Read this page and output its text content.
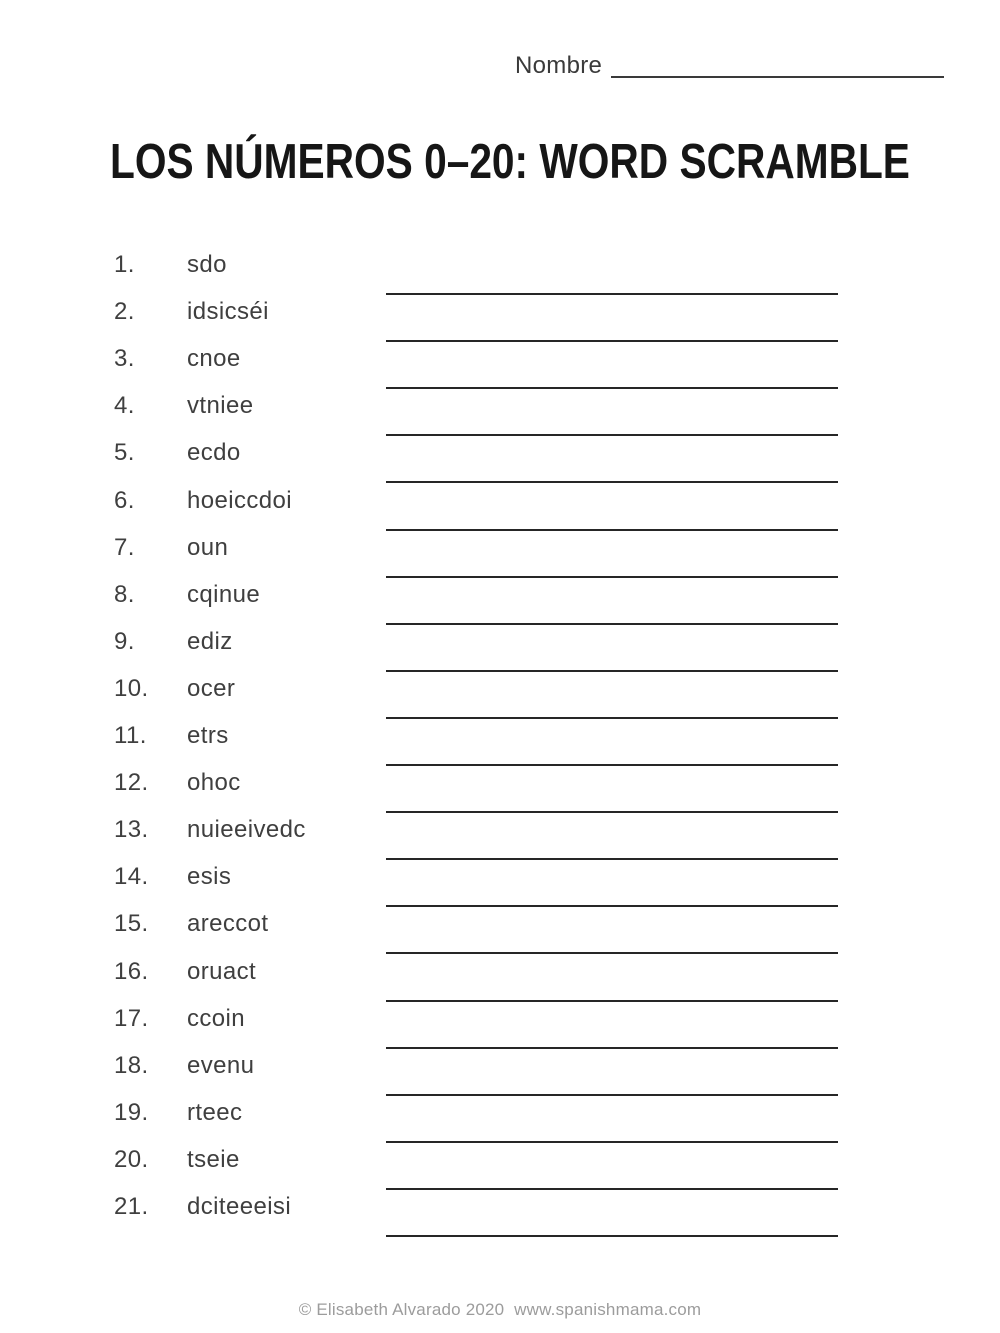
Nombre
LOS NÚMEROS 0–20: WORD SCRAMBLE
1.	sdo
2.	idsicséi
3.	cnoe
4.	vtniee
5.	ecdo
6.	hoeiccdoi
7.	oun
8.	cqinue
9.	ediz
10.	ocer
11.	etrs
12.	ohoc
13.	nuieeivedc
14.	esis
15.	areccot
16.	oruact
17.	ccoin
18.	evenu
19.	rteec
20.	tseie
21.	dciteeeisi
© Elisabeth Alvarado 2020  www.spanishmama.com
